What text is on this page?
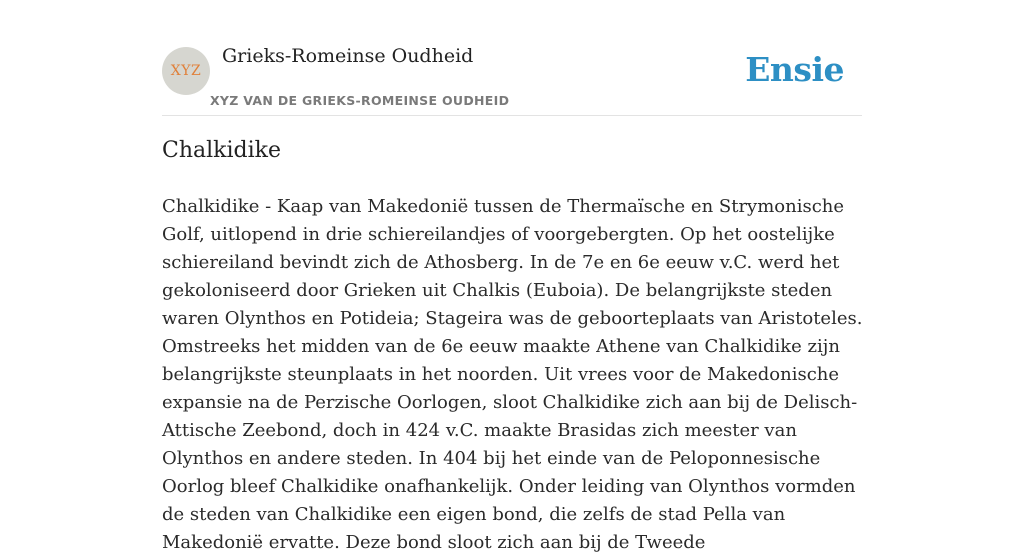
XYZ
Grieks-Romeinse Oudheid
XYZ VAN DE GRIEKS-ROMEINSE OUDHEID
Ensie
Chalkidike

Chalkidike - Kaap van Makedonië tussen de Thermaïsche en Strymonische Golf, uitlopend in drie schiereilandjes of voorgebergten. Op het oostelijke schiereiland bevindt zich de Athosberg. In de 7e en 6e eeuw v.C. werd het gekoloniseerd door Grieken uit Chalkis (Euboia). De belangrijkste steden waren Olynthos en Potideia; Stageira was de geboorteplaats van Aristoteles. Omstreeks het midden van de 6e eeuw maakte Athene van Chalkidike zijn belangrijkste steunplaats in het noorden. Uit vrees voor de Makedonische expansie na de Perzische Oorlogen, sloot Chalkidike zich aan bij de Delisch-Attische Zeebond, doch in 424 v.C. maakte Brasidas zich meester van Olynthos en andere steden. In 404 bij het einde van de Peloponnesische Oorlog bleef Chalkidike onafhankelijk. Onder leiding van Olynthos vormden de steden van Chalkidike een eigen bond, die zelfs de stad Pella van Makedonië ervatte. Deze bond sloot zich aan bij de Tweede
